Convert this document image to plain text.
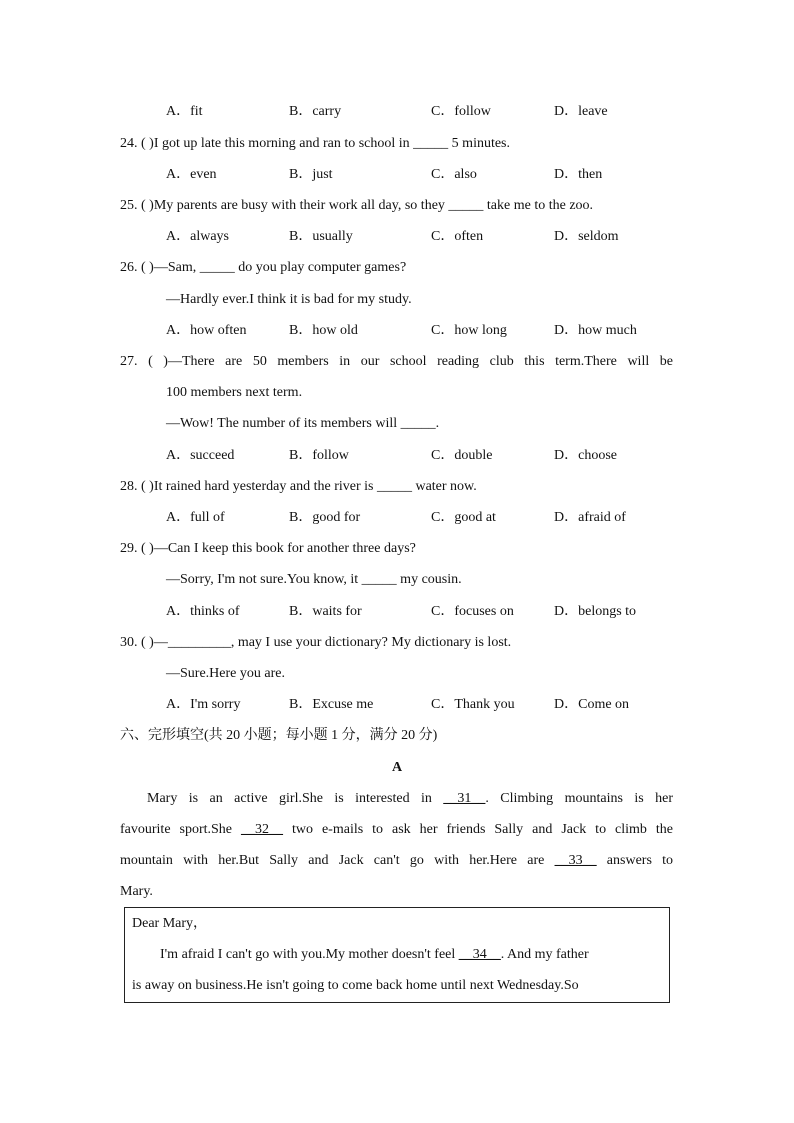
A．fit	B．carry	C．follow	D．leave
24. ( )I got up late this morning and ran to school in _____ 5 minutes.
A．even	B．just	C．also	D．then
25. ( )My parents are busy with their work all day, so they _____ take me to the zoo.
A．always	B．usually	C．often	D．seldom
26. ( )—Sam, _____ do you play computer games?
—Hardly ever.I think it is bad for my study.
A．how often	B．how old	C．how long	D．how much
27. ( )—There are 50 members in our school reading club this term.There will be
100 members next term.
—Wow! The number of its members will _____.
A．succeed	B．follow	C．double	D．choose
28. ( )It rained hard yesterday and the river is _____ water now.
A．full of	B．good for	C．good at	D．afraid of
29. ( )—Can I keep this book for another three days?
—Sorry, I'm not sure.You know, it _____ my cousin.
A．thinks of	B．waits for	C．focuses on	D．belongs to
30. ( )—_________, may I use your dictionary? My dictionary is lost.
—Sure.Here you are.
A．I'm sorry	B．Excuse me	C．Thank you	D．Come on
六、完形填空(共 20 小题；每小题 1 分，满分 20 分)
A
Mary is an active girl.She is interested in __31__. Climbing mountains is her
favourite sport.She __32__ two e-mails to ask her friends Sally and Jack to climb the
mountain with her.But Sally and Jack can't go with her.Here are __33__ answers to
Mary.
Dear Mary，
I'm afraid I can't go with you.My mother doesn't feel __34__. And my father
is away on business.He isn't going to come back home until next Wednesday.So
